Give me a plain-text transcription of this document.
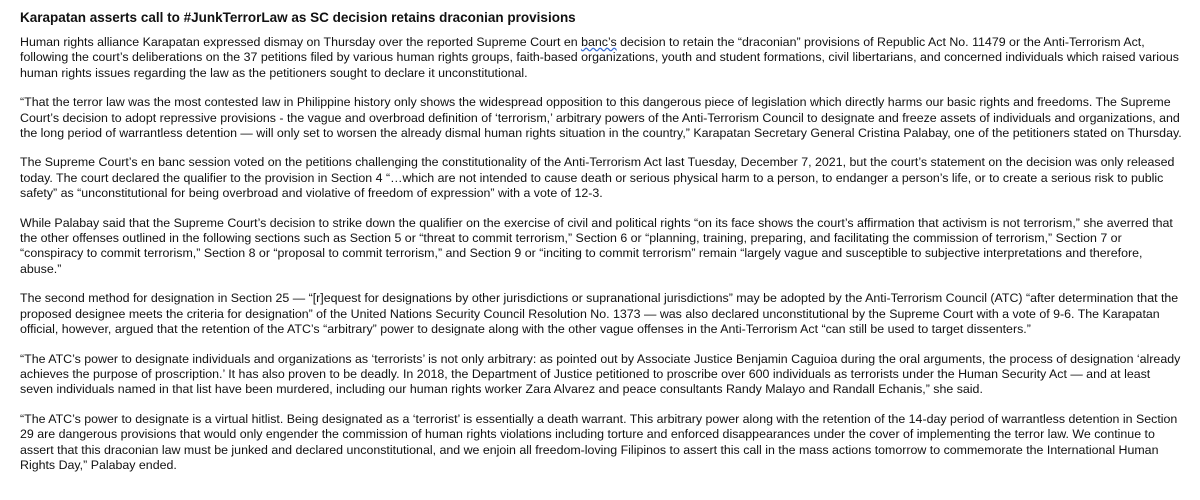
Karapatan asserts call to #JunkTerrorLaw as SC decision retains draconian provisions

Human rights alliance Karapatan expressed dismay on Thursday over the reported Supreme Court en banc’s decision to retain the “draconian” provisions of Republic Act No. 11479 or the Anti-Terrorism Act, following the court’s deliberations on the 37 petitions filed by various human rights groups, faith-based organizations, youth and student formations, civil libertarians, and concerned individuals which raised various human rights issues regarding the law as the petitioners sought to declare it unconstitutional.

“That the terror law was the most contested law in Philippine history only shows the widespread opposition to this dangerous piece of legislation which directly harms our basic rights and freedoms. The Supreme Court’s decision to adopt repressive provisions - the vague and overbroad definition of ‘terrorism,’ arbitrary powers of the Anti-Terrorism Council to designate and freeze assets of individuals and organizations, and the long period of warrantless detention — will only set to worsen the already dismal human rights situation in the country,” Karapatan Secretary General Cristina Palabay, one of the petitioners stated on Thursday.

The Supreme Court’s en banc session voted on the petitions challenging the constitutionality of the Anti-Terrorism Act last Tuesday, December 7, 2021, but the court’s statement on the decision was only released today. The court declared the qualifier to the provision in Section 4 “…which are not intended to cause death or serious physical harm to a person, to endanger a person’s life, or to create a serious risk to public safety” as “unconstitutional for being overbroad and violative of freedom of expression” with a vote of 12-3.

While Palabay said that the Supreme Court’s decision to strike down the qualifier on the exercise of civil and political rights “on its face shows the court’s affirmation that activism is not terrorism,” she averred that the other offenses outlined in the following sections such as Section 5 or “threat to commit terrorism,” Section 6 or “planning, training, preparing, and facilitating the commission of terrorism,” Section 7 or “conspiracy to commit terrorism,” Section 8 or “proposal to commit terrorism,” and Section 9 or “inciting to commit terrorism” remain “largely vague and susceptible to subjective interpretations and therefore, abuse.”

The second method for designation in Section 25 — “[r]equest for designations by other jurisdictions or supranational jurisdictions” may be adopted by the Anti-Terrorism Council (ATC) “after determination that the proposed designee meets the criteria for designation” of the United Nations Security Council Resolution No. 1373 — was also declared unconstitutional by the Supreme Court with a vote of 9-6. The Karapatan official, however, argued that the retention of the ATC’s “arbitrary” power to designate along with the other vague offenses in the Anti-Terrorism Act “can still be used to target dissenters.”

“The ATC’s power to designate individuals and organizations as ‘terrorists’ is not only arbitrary: as pointed out by Associate Justice Benjamin Caguioa during the oral arguments, the process of designation ‘already achieves the purpose of proscription.’ It has also proven to be deadly. In 2018, the Department of Justice petitioned to proscribe over 600 individuals as terrorists under the Human Security Act — and at least seven individuals named in that list have been murdered, including our human rights worker Zara Alvarez and peace consultants Randy Malayo and Randall Echanis,” she said.

“The ATC’s power to designate is a virtual hitlist. Being designated as a ‘terrorist’ is essentially a death warrant. This arbitrary power along with the retention of the 14-day period of warrantless detention in Section 29 are dangerous provisions that would only engender the commission of human rights violations including torture and enforced disappearances under the cover of implementing the terror law. We continue to assert that this draconian law must be junked and declared unconstitutional, and we enjoin all freedom-loving Filipinos to assert this call in the mass actions tomorrow to commemorate the International Human Rights Day,” Palabay ended.
